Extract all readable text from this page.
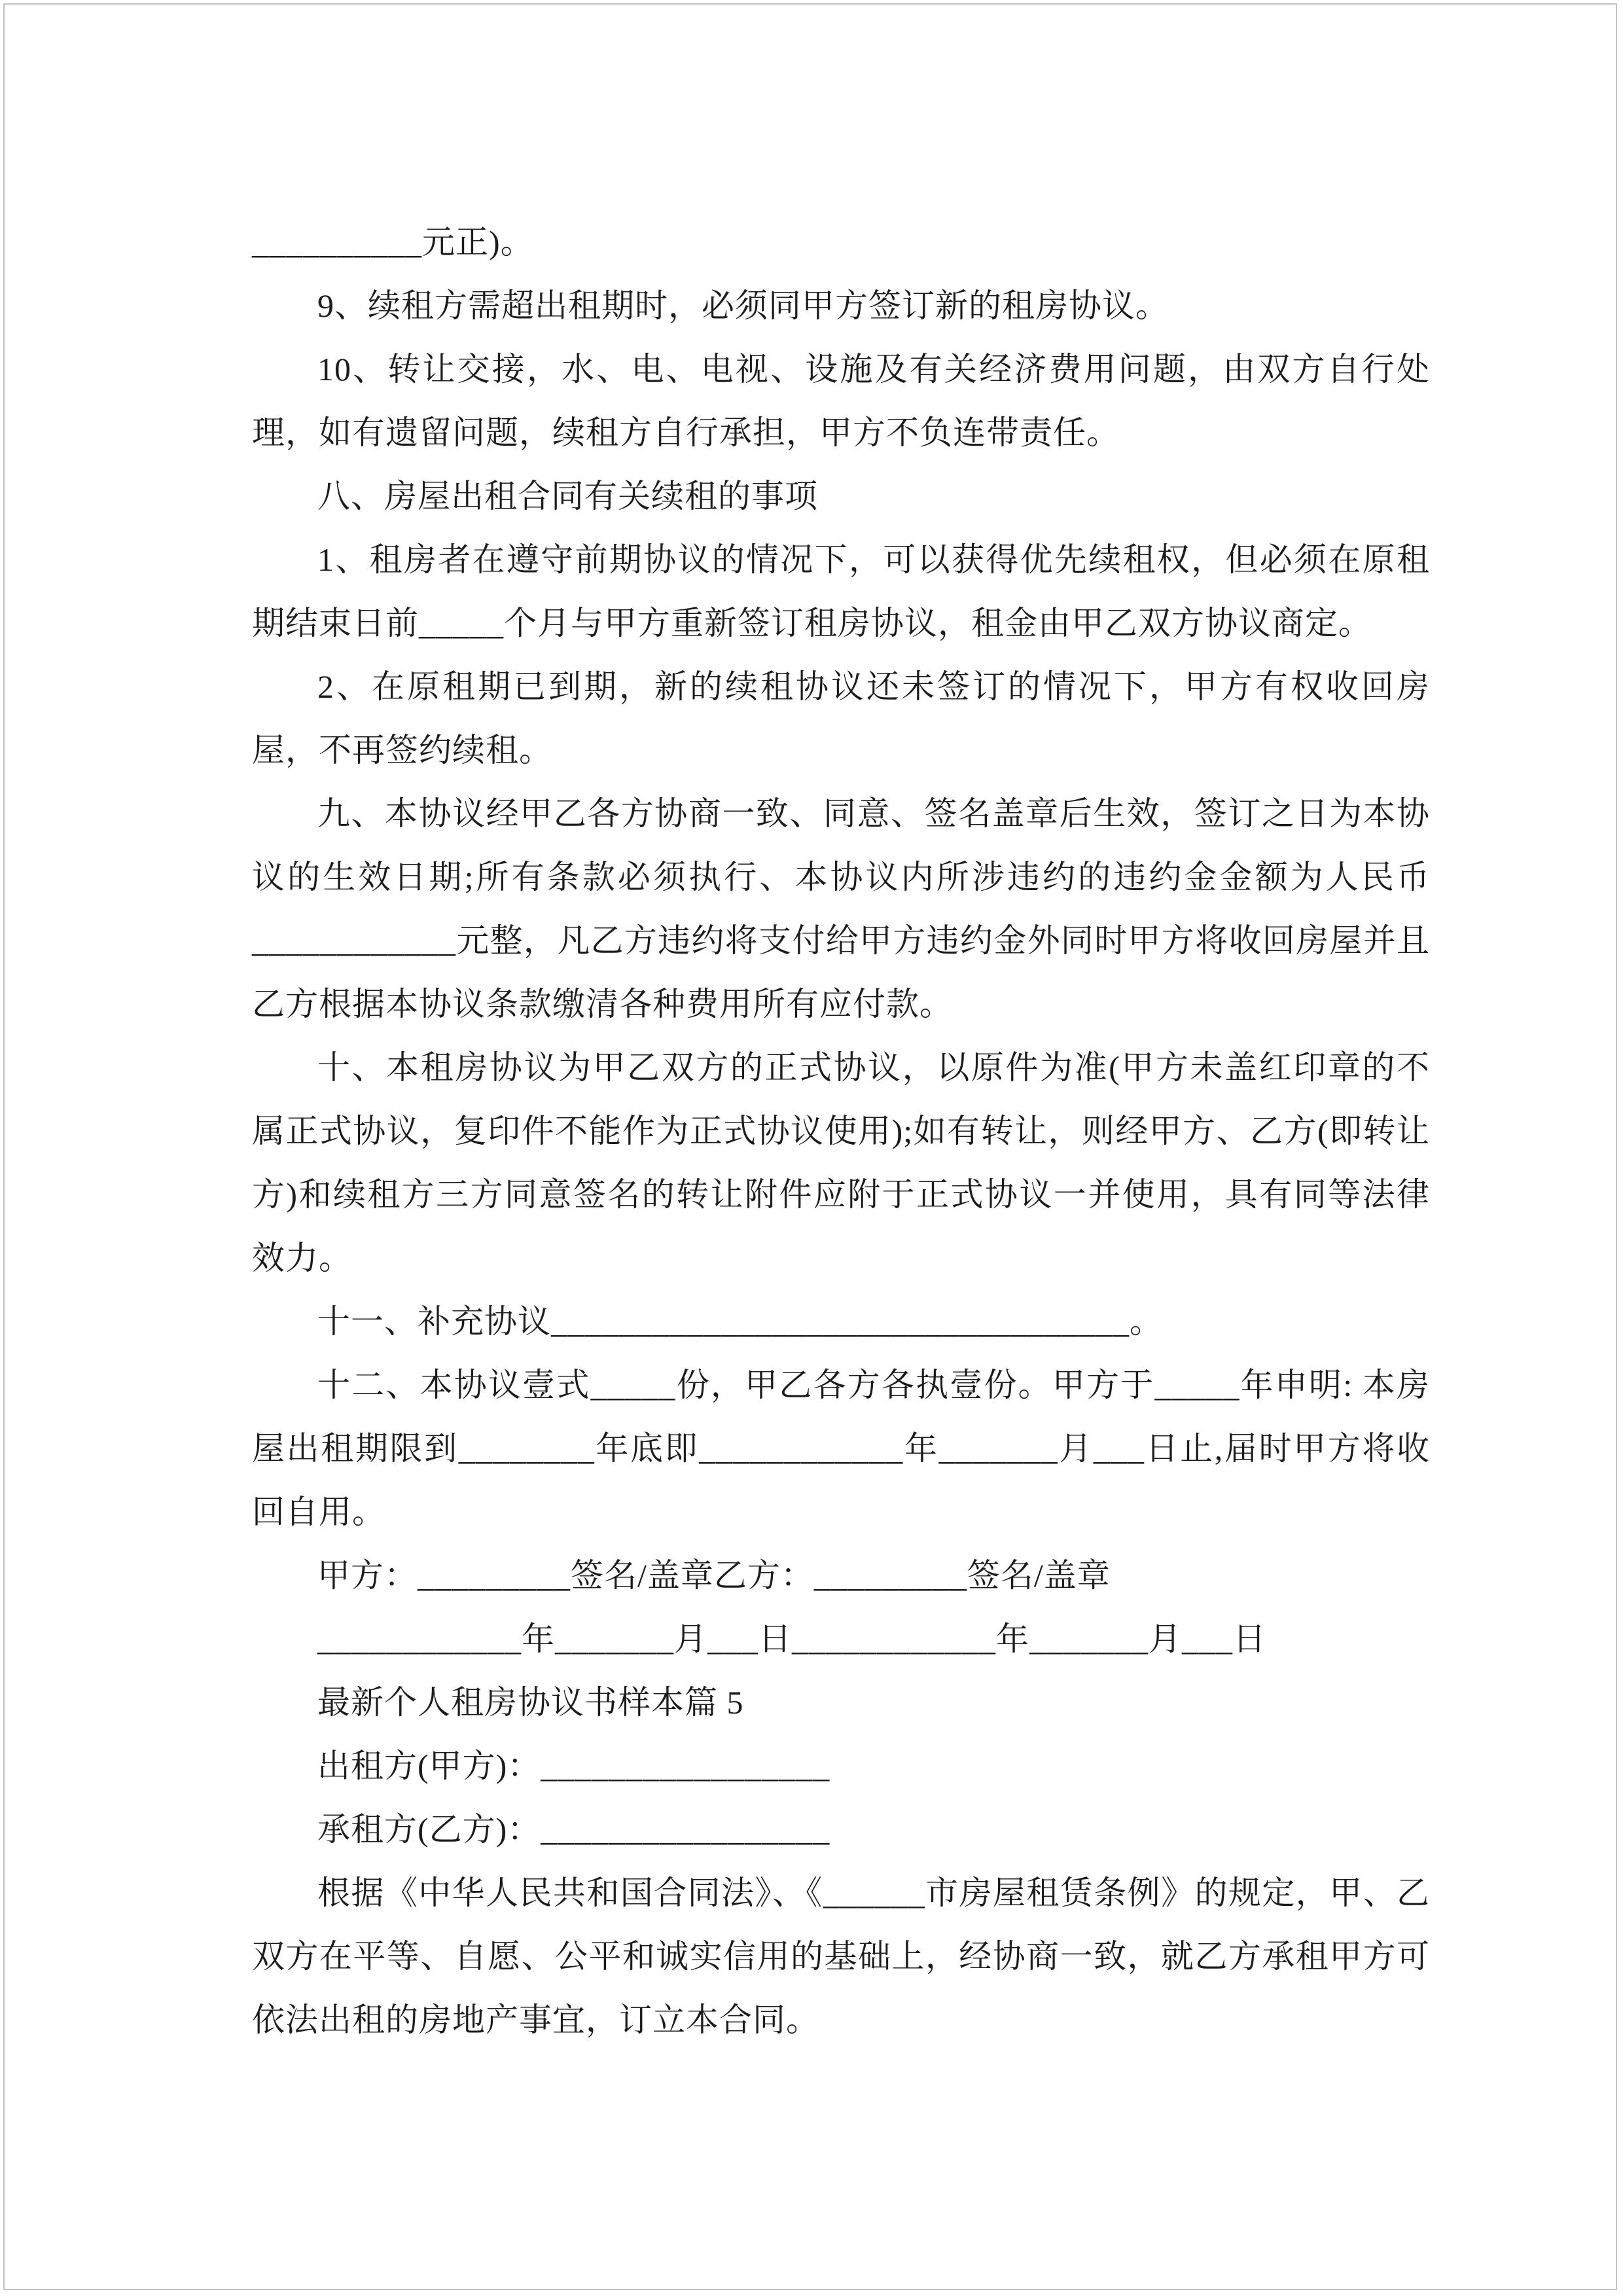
__________元正)。

9、续租方需超出租期时，必须同甲方签订新的租房协议。

10、转让交接，水、电、电视、设施及有关经济费用问题，由双方自行处理，如有遗留问题，续租方自行承担，甲方不负连带责任。

八、房屋出租合同有关续租的事项

1、租房者在遵守前期协议的情况下，可以获得优先续租权，但必须在原租期结束日前_____个月与甲方重新签订租房协议，租金由甲乙双方协议商定。

2、在原租期已到期，新的续租协议还未签订的情况下，甲方有权收回房屋，不再签约续租。

九、本协议经甲乙各方协商一致、同意、签名盖章后生效，签订之日为本协议的生效日期;所有条款必须执行、本协议内所涉违约的违约金金额为人民币____________元整，凡乙方违约将支付给甲方违约金外同时甲方将收回房屋并且乙方根据本协议条款缴清各种费用所有应付款。

十、本租房协议为甲乙双方的正式协议，以原件为准(甲方未盖红印章的不属正式协议，复印件不能作为正式协议使用);如有转让，则经甲方、乙方(即转让方)和续租方三方同意签名的转让附件应附于正式协议一并使用，具有同等法律效力。

十一、补充协议__________________________________。

十二、本协议壹式_____份，甲乙各方各执壹份。甲方于_____年申明: 本房屋出租期限到________年底即____________年_______月___日止,届时甲方将收回自用。

甲方：_________签名/盖章乙方：_________签名/盖章

____________年_______月___日____________年_______月___日

最新个人租房协议书样本篇 5

出租方(甲方)：_________________

承租方(乙方)：_________________

根据《中华人民共和国合同法》、《______市房屋租赁条例》的规定，甲、乙双方在平等、自愿、公平和诚实信用的基础上，经协商一致，就乙方承租甲方可依法出租的房地产事宜，订立本合同。
